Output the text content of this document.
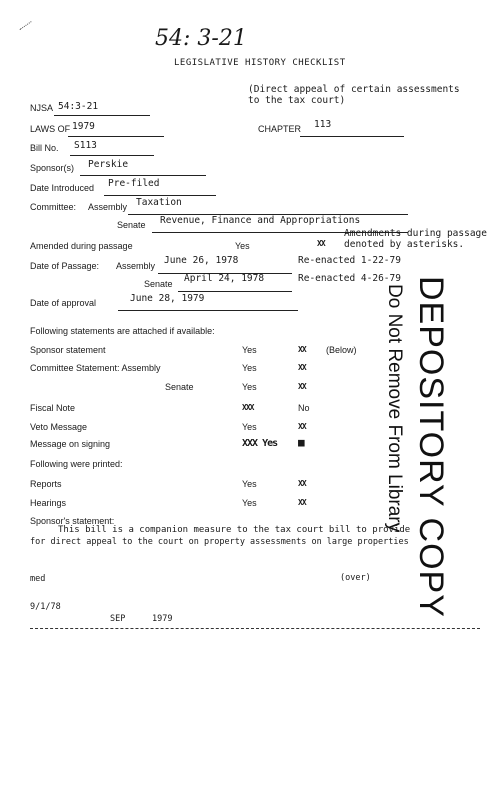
54: 3-21
LEGISLATIVE HISTORY CHECKLIST
(Direct appeal of certain assessments
to the tax court)
NJSA 54:3-21
LAWS OF 1979	CHAPTER 113
Bill No. S113
Sponsor(s) Perskie
Date Introduced Pre-filed
Committee: Assembly Taxation
Senate Revenue, Finance and Appropriations
Amended during passage	Yes	XX
Amendments during passage
denoted by asterisks.
Date of Passage: Assembly June 26, 1978	Re-enacted 1-22-79
Senate April 24, 1978	Re-enacted 4-26-79
Date of approval	June 28, 1979
Following statements are attached if available:
Sponsor statement	Yes	XX (Below)
Committee Statement: Assembly	Yes	XX
Senate	Yes	XX
Fiscal Note	XXX	No
Veto Message	Yes	XX
Message on signing	XXX Yes ■
Following were printed:
Reports	Yes	XX
Hearings	Yes	XX
Sponsor's statement:
This bill is a companion measure to the tax court bill to provide
for direct appeal to the court on property assessments on large properties
med	(over)
9/1/78
SEP	1979
DEPOSITORY COPY
Do Not Remove From Library
